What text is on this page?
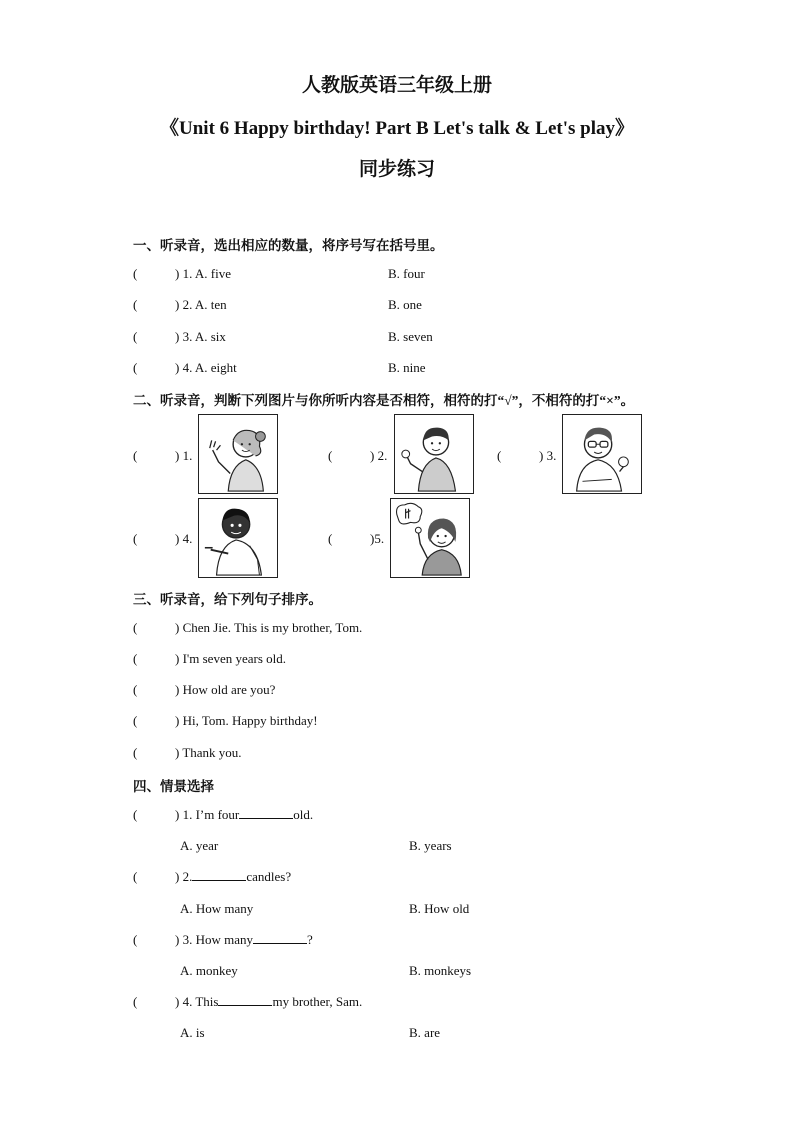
人教版英语三年级上册
《Unit 6 Happy birthday! Part B Let's talk & Let's play》
同步练习
一、听录音，选出相应的数量，将序号写在括号里。
(	) 1. A. five	B. four
(	) 2. A. ten	B. one
(	) 3. A. six	B. seven
(	) 4. A. eight	B. nine
二、听录音，判断下列图片与你所听内容是否相符，相符的打“√”，不相符的打“×”。
(	) 1.	(	) 2.	(	) 3.
(	) 4.	(	)5.
三、听录音，给下列句子排序。
(	) Chen Jie. This is my brother, Tom.
(	) I'm seven years old.
(	) How old are you?
(	) Hi, Tom. Happy birthday!
(	) Thank you.
四、情景选择
(	) 1. I’m four	old.
A. year	B. years
(	) 2.	candles?
A. How many	B. How old
(	) 3. How many	?
A. monkey	B. monkeys
(	) 4. This	my brother, Sam.
A. is	B. are
